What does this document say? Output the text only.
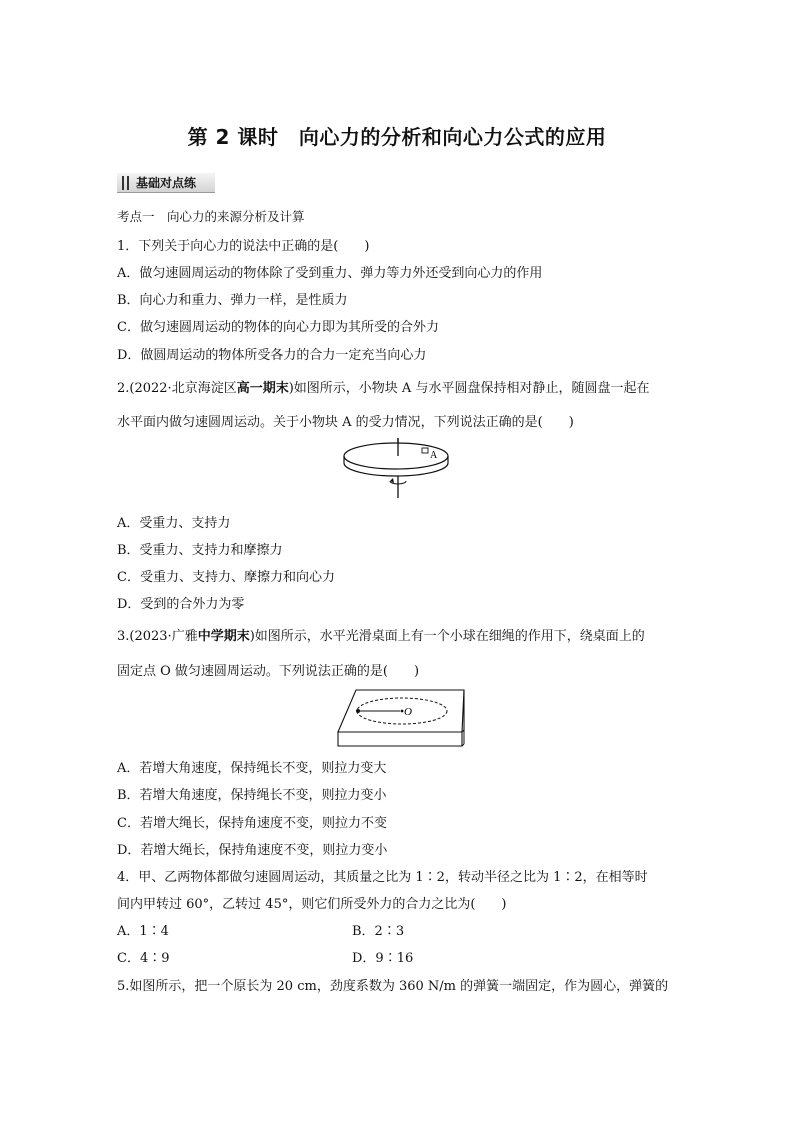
第 2 课时　向心力的分析和向心力公式的应用
基础对点练
考点一　向心力的来源分析及计算
1．下列关于向心力的说法中正确的是(　　)
A．做匀速圆周运动的物体除了受到重力、弹力等力外还受到向心力的作用
B．向心力和重力、弹力一样，是性质力
C．做匀速圆周运动的物体的向心力即为其所受的合外力
D．做圆周运动的物体所受各力的合力一定充当向心力
2.(2022·北京海淀区高一期末)如图所示，小物块 A 与水平圆盘保持相对静止，随圆盘一起在
水平面内做匀速圆周运动。关于小物块 A 的受力情况，下列说法正确的是(　　)
A
A．受重力、支持力
B．受重力、支持力和摩擦力
C．受重力、支持力、摩擦力和向心力
D．受到的合外力为零
3.(2023·广雅中学期末)如图所示，水平光滑桌面上有一个小球在细绳的作用下，绕桌面上的
固定点 O 做匀速圆周运动。下列说法正确的是(　　)
O
A．若增大角速度，保持绳长不变，则拉力变大
B．若增大角速度，保持绳长不变，则拉力变小
C．若增大绳长，保持角速度不变，则拉力不变
D．若增大绳长，保持角速度不变，则拉力变小
4．甲、乙两物体都做匀速圆周运动，其质量之比为 1∶2，转动半径之比为 1∶2，在相等时
间内甲转过 60°，乙转过 45°，则它们所受外力的合力之比为(　　)
A．1∶4	B．2∶3
C．4∶9	D．9∶16
5.如图所示，把一个原长为 20 cm，劲度系数为 360 N/m 的弹簧一端固定，作为圆心，弹簧的
